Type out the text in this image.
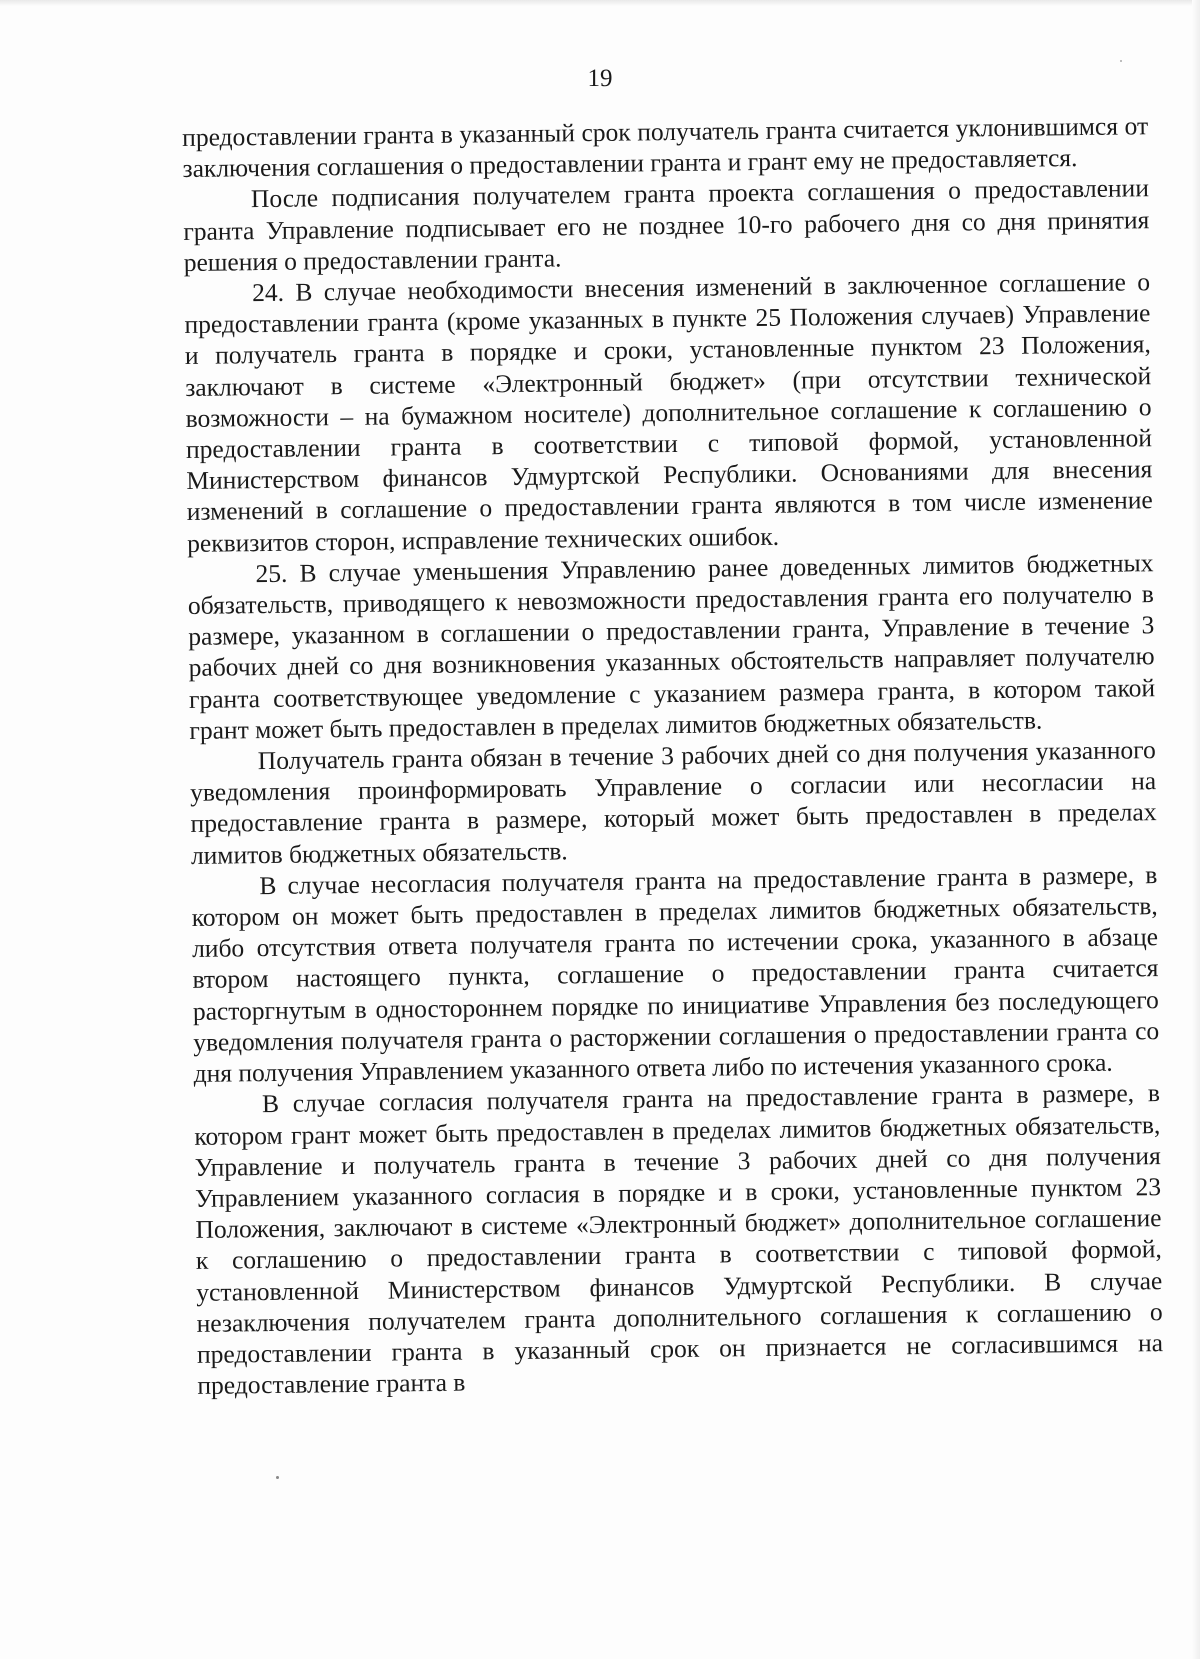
19

предоставлении гранта в указанный срок получатель гранта считается уклонившимся от заключения соглашения о предоставлении гранта и грант ему не предоставляется.

После подписания получателем гранта проекта соглашения о предоставлении гранта Управление подписывает его не позднее 10-го рабочего дня со дня принятия решения о предоставлении гранта.

24. В случае необходимости внесения изменений в заключенное соглашение о предоставлении гранта (кроме указанных в пункте 25 Положения случаев) Управление и получатель гранта в порядке и сроки, установленные пунктом 23 Положения, заключают в системе «Электронный бюджет» (при отсутствии технической возможности – на бумажном носителе) дополнительное соглашение к соглашению о предоставлении гранта в соответствии с типовой формой, установленной Министерством финансов Удмуртской Республики. Основаниями для внесения изменений в соглашение о предоставлении гранта являются в том числе изменение реквизитов сторон, исправление технических ошибок.

25. В случае уменьшения Управлению ранее доведенных лимитов бюджетных обязательств, приводящего к невозможности предоставления гранта его получателю в размере, указанном в соглашении о предоставлении гранта, Управление в течение 3 рабочих дней со дня возникновения указанных обстоятельств направляет получателю гранта соответствующее уведомление с указанием размера гранта, в котором такой грант может быть предоставлен в пределах лимитов бюджетных обязательств.

Получатель гранта обязан в течение 3 рабочих дней со дня получения указанного уведомления проинформировать Управление о согласии или несогласии на предоставление гранта в размере, который может быть предоставлен в пределах лимитов бюджетных обязательств.

В случае несогласия получателя гранта на предоставление гранта в размере, в котором он может быть предоставлен в пределах лимитов бюджетных обязательств, либо отсутствия ответа получателя гранта по истечении срока, указанного в абзаце втором настоящего пункта, соглашение о предоставлении гранта считается расторгнутым в одностороннем порядке по инициативе Управления без последующего уведомления получателя гранта о расторжении соглашения о предоставлении гранта со дня получения Управлением указанного ответа либо по истечения указанного срока.

В случае согласия получателя гранта на предоставление гранта в размере, в котором грант может быть предоставлен в пределах лимитов бюджетных обязательств, Управление и получатель гранта в течение 3 рабочих дней со дня получения Управлением указанного согласия в порядке и в сроки, установленные пунктом 23 Положения, заключают в системе «Электронный бюджет» дополнительное соглашение к соглашению о предоставлении гранта в соответствии с типовой формой, установленной Министерством финансов Удмуртской Республики. В случае незаключения получателем гранта дополнительного соглашения к соглашению о предоставлении гранта в указанный срок он признается не согласившимся на предоставление гранта в
